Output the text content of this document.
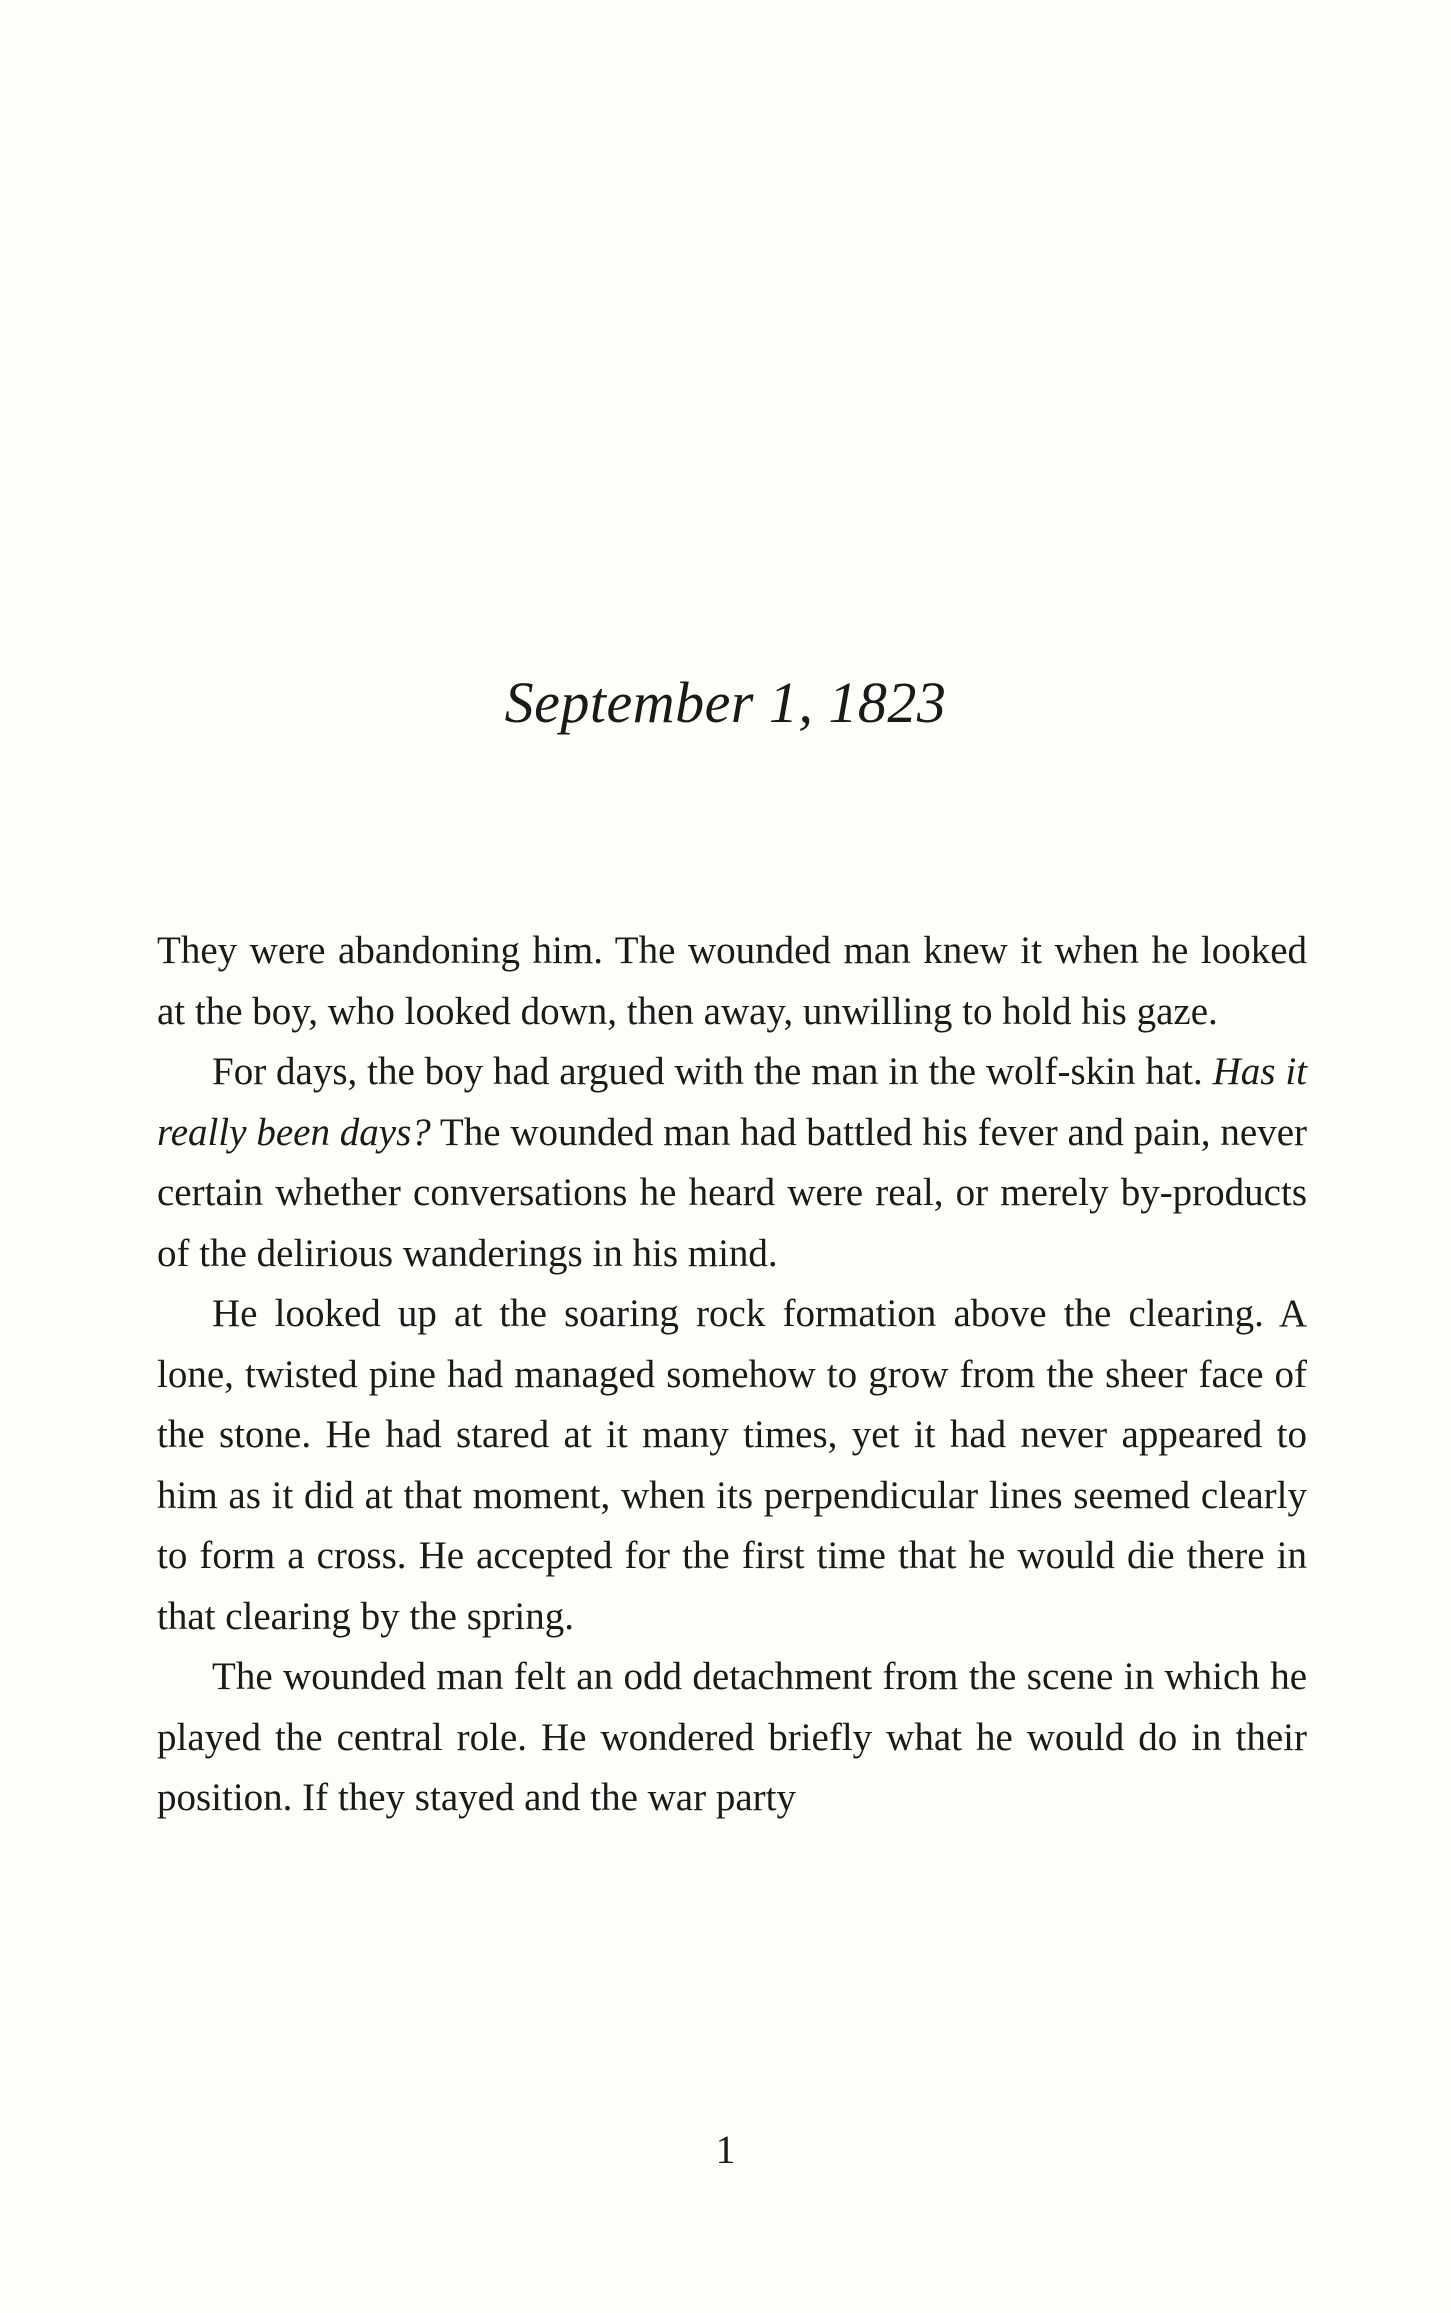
September 1, 1823

They were abandoning him. The wounded man knew it when he looked at the boy, who looked down, then away, unwilling to hold his gaze.

For days, the boy had argued with the man in the wolf-skin hat. Has it really been days? The wounded man had battled his fever and pain, never certain whether conversations he heard were real, or merely by-products of the delirious wanderings in his mind.

He looked up at the soaring rock formation above the clearing. A lone, twisted pine had managed somehow to grow from the sheer face of the stone. He had stared at it many times, yet it had never appeared to him as it did at that moment, when its perpendicular lines seemed clearly to form a cross. He accepted for the first time that he would die there in that clearing by the spring.

The wounded man felt an odd detachment from the scene in which he played the central role. He wondered briefly what he would do in their position. If they stayed and the war party

1
